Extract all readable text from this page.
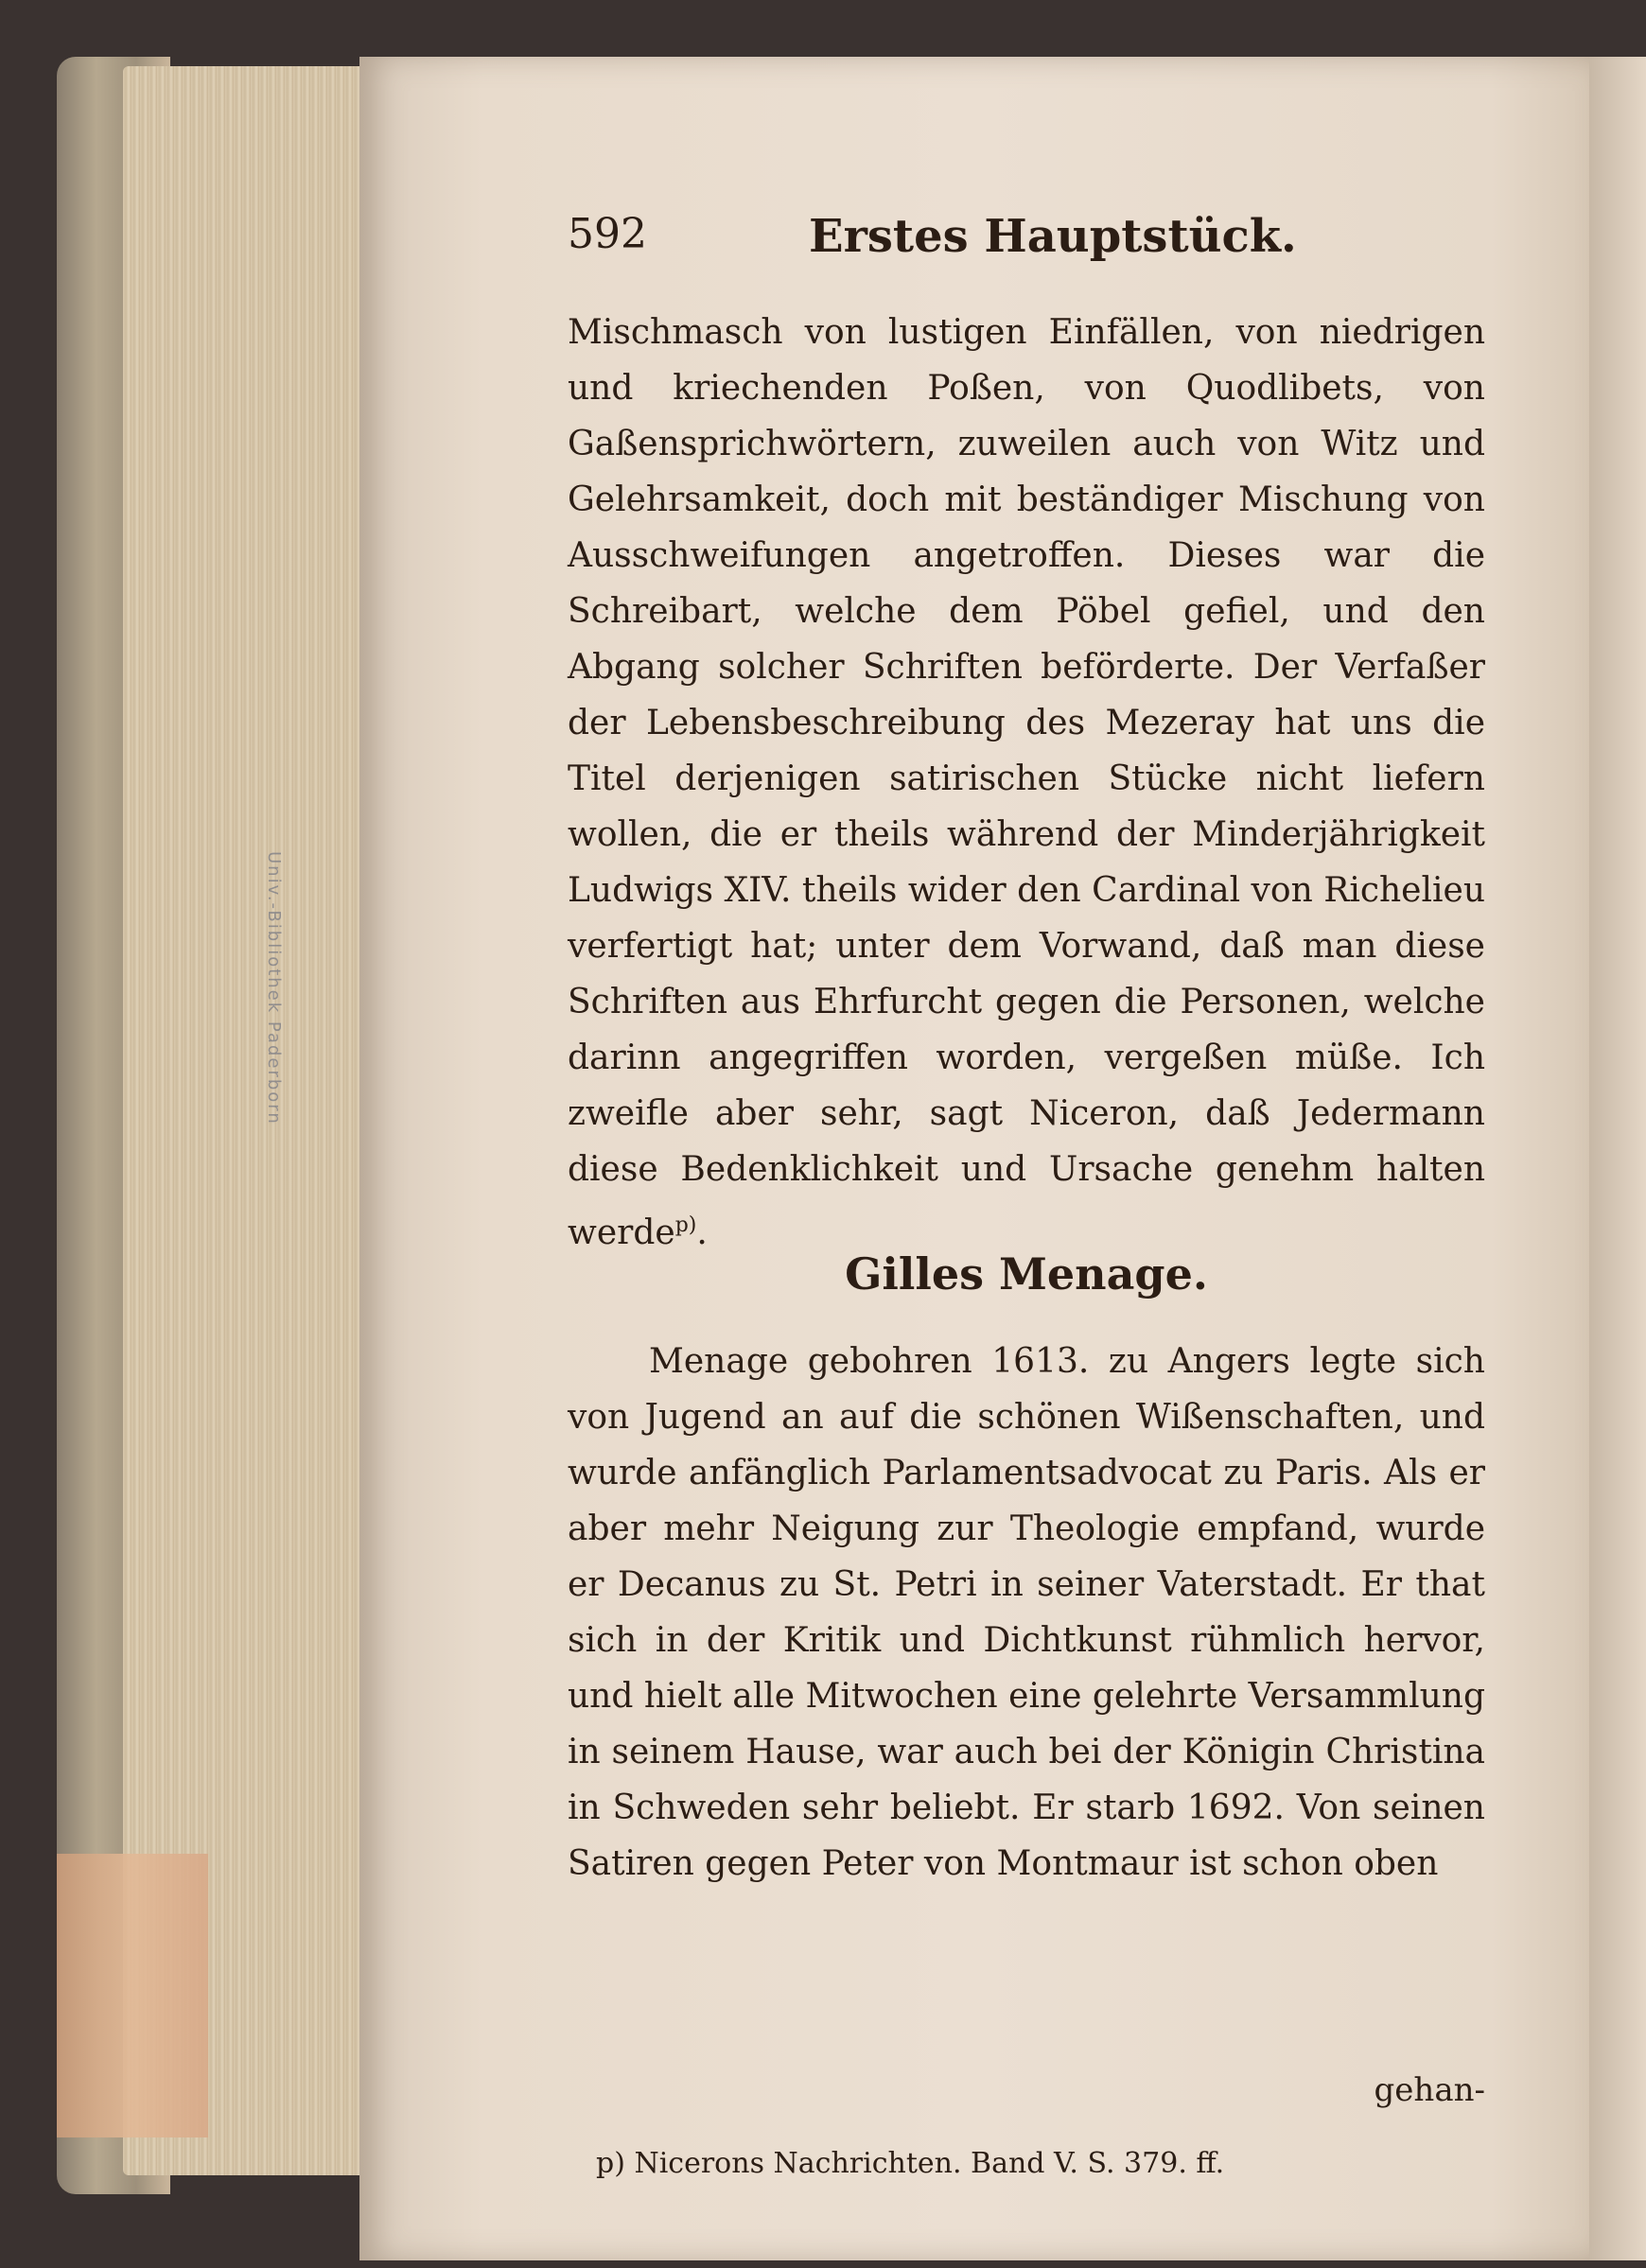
Univ.-Bibliothek Paderborn
592	Erstes Hauptstück.
Mischmasch von lustigen Einfällen, von niedrigen und kriechenden Poßen, von Quodlibets, von Gaßensprichwörtern, zuweilen auch von Witz und Gelehrsamkeit, doch mit beständiger Mischung von Ausschweifungen angetroffen. Dieses war die Schreibart, welche dem Pöbel gefiel, und den Abgang solcher Schriften beförderte. Der Verfaßer der Lebensbeschreibung des Mezeray hat uns die Titel derjenigen satirischen Stücke nicht liefern wollen, die er theils während der Minderjährigkeit Ludwigs XIV. theils wider den Cardinal von Richelieu verfertigt hat; unter dem Vorwand, daß man diese Schriften aus Ehrfurcht gegen die Personen, welche darinn angegriffen worden, vergeßen müße. Ich zweifle aber sehr, sagt Niceron, daß Jedermann diese Bedenklichkeit und Ursache genehm halten werde$^{p)}$.
Gilles Menage.
Menage gebohren 1613. zu Angers legte sich von Jugend an auf die schönen Wißenschaften, und wurde anfänglich Parlamentsadvocat zu Paris. Als er aber mehr Neigung zur Theologie empfand, wurde er Decanus zu St. Petri in seiner Vaterstadt. Er that sich in der Kritik und Dichtkunst rühmlich hervor, und hielt alle Mitwochen eine gelehrte Versammlung in seinem Hause, war auch bei der Königin Christina in Schweden sehr beliebt. Er starb 1692. Von seinen Satiren gegen Peter von Montmaur ist schon oben
gehan-
p) Nicerons Nachrichten. Band V. S. 379. ff.
